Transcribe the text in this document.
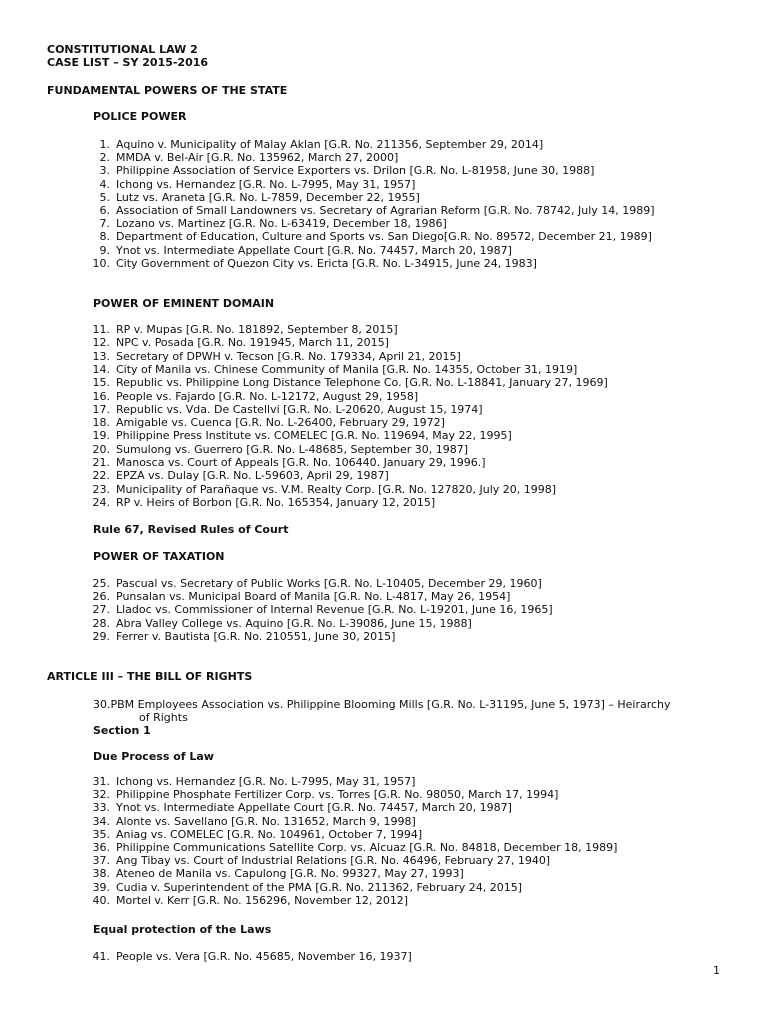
CONSTITUTIONAL LAW 2
CASE LIST – SY 2015-2016
FUNDAMENTAL POWERS OF THE STATE
POLICE POWER
1. Aquino v. Municipality of Malay Aklan [G.R. No. 211356, September 29, 2014]
2. MMDA v. Bel-Air [G.R. No. 135962, March 27, 2000]
3. Philippine Association of Service Exporters vs. Drilon [G.R. No. L-81958, June 30, 1988]
4. Ichong vs. Hernandez [G.R. No. L-7995, May 31, 1957]
5. Lutz vs. Araneta [G.R. No. L-7859, December 22, 1955]
6. Association of Small Landowners vs. Secretary of Agrarian Reform [G.R. No. 78742, July 14, 1989]
7. Lozano vs. Martinez [G.R. No. L-63419, December 18, 1986]
8. Department of Education, Culture and Sports vs. San Diego[G.R. No. 89572, December 21, 1989]
9. Ynot vs. Intermediate Appellate Court [G.R. No. 74457, March 20, 1987]
10. City Government of Quezon City vs. Ericta [G.R. No. L-34915, June 24, 1983]
POWER OF EMINENT DOMAIN
11. RP v. Mupas [G.R. No. 181892, September 8, 2015]
12. NPC v. Posada [G.R. No. 191945, March 11, 2015]
13. Secretary of DPWH v. Tecson [G.R. No. 179334, April 21, 2015]
14. City of Manila vs. Chinese Community of Manila [G.R. No. 14355, October 31, 1919]
15. Republic vs. Philippine Long Distance Telephone Co. [G.R. No. L-18841, January 27, 1969]
16. People vs. Fajardo [G.R. No. L-12172, August 29, 1958]
17. Republic vs. Vda. De Castellvi [G.R. No. L-20620, August 15, 1974]
18. Amigable vs. Cuenca [G.R. No. L-26400, February 29, 1972]
19. Philippine Press Institute vs. COMELEC [G.R. No. 119694, May 22, 1995]
20. Sumulong vs. Guerrero [G.R. No. L-48685, September 30, 1987]
21. Manosca vs. Court of Appeals [G.R. No. 106440. January 29, 1996.]
22. EPZA vs. Dulay [G.R. No. L-59603, April 29, 1987]
23. Municipality of Parañaque vs. V.M. Realty Corp. [G.R. No. 127820, July 20, 1998]
24. RP v. Heirs of Borbon [G.R. No. 165354, January 12, 2015]
Rule 67, Revised Rules of Court
POWER OF TAXATION
25. Pascual vs. Secretary of Public Works [G.R. No. L-10405, December 29, 1960]
26. Punsalan vs. Municipal Board of Manila [G.R. No. L-4817, May 26, 1954]
27. Lladoc vs. Commissioner of Internal Revenue [G.R. No. L-19201, June 16, 1965]
28. Abra Valley College vs. Aquino [G.R. No. L-39086, June 15, 1988]
29. Ferrer v. Bautista [G.R. No. 210551, June 30, 2015]
ARTICLE III – THE BILL OF RIGHTS
30.PBM Employees Association vs. Philippine Blooming Mills [G.R. No. L-31195, June 5, 1973] – Heirarchy
of Rights
Section 1
Due Process of Law
31. Ichong vs. Hernandez [G.R. No. L-7995, May 31, 1957]
32. Philippine Phosphate Fertilizer Corp. vs. Torres [G.R. No. 98050, March 17, 1994]
33. Ynot vs. Intermediate Appellate Court [G.R. No. 74457, March 20, 1987]
34. Alonte vs. Savellano [G.R. No. 131652, March 9, 1998]
35. Aniag vs. COMELEC [G.R. No. 104961, October 7, 1994]
36. Philippine Communications Satellite Corp. vs. Alcuaz [G.R. No. 84818, December 18, 1989]
37. Ang Tibay vs. Court of Industrial Relations [G.R. No. 46496, February 27, 1940]
38. Ateneo de Manila vs. Capulong [G.R. No. 99327, May 27, 1993]
39. Cudia v. Superintendent of the PMA [G.R. No. 211362, February 24, 2015]
40. Mortel v. Kerr [G.R. No. 156296, November 12, 2012]
Equal protection of the Laws
41. People vs. Vera [G.R. No. 45685, November 16, 1937]
1
